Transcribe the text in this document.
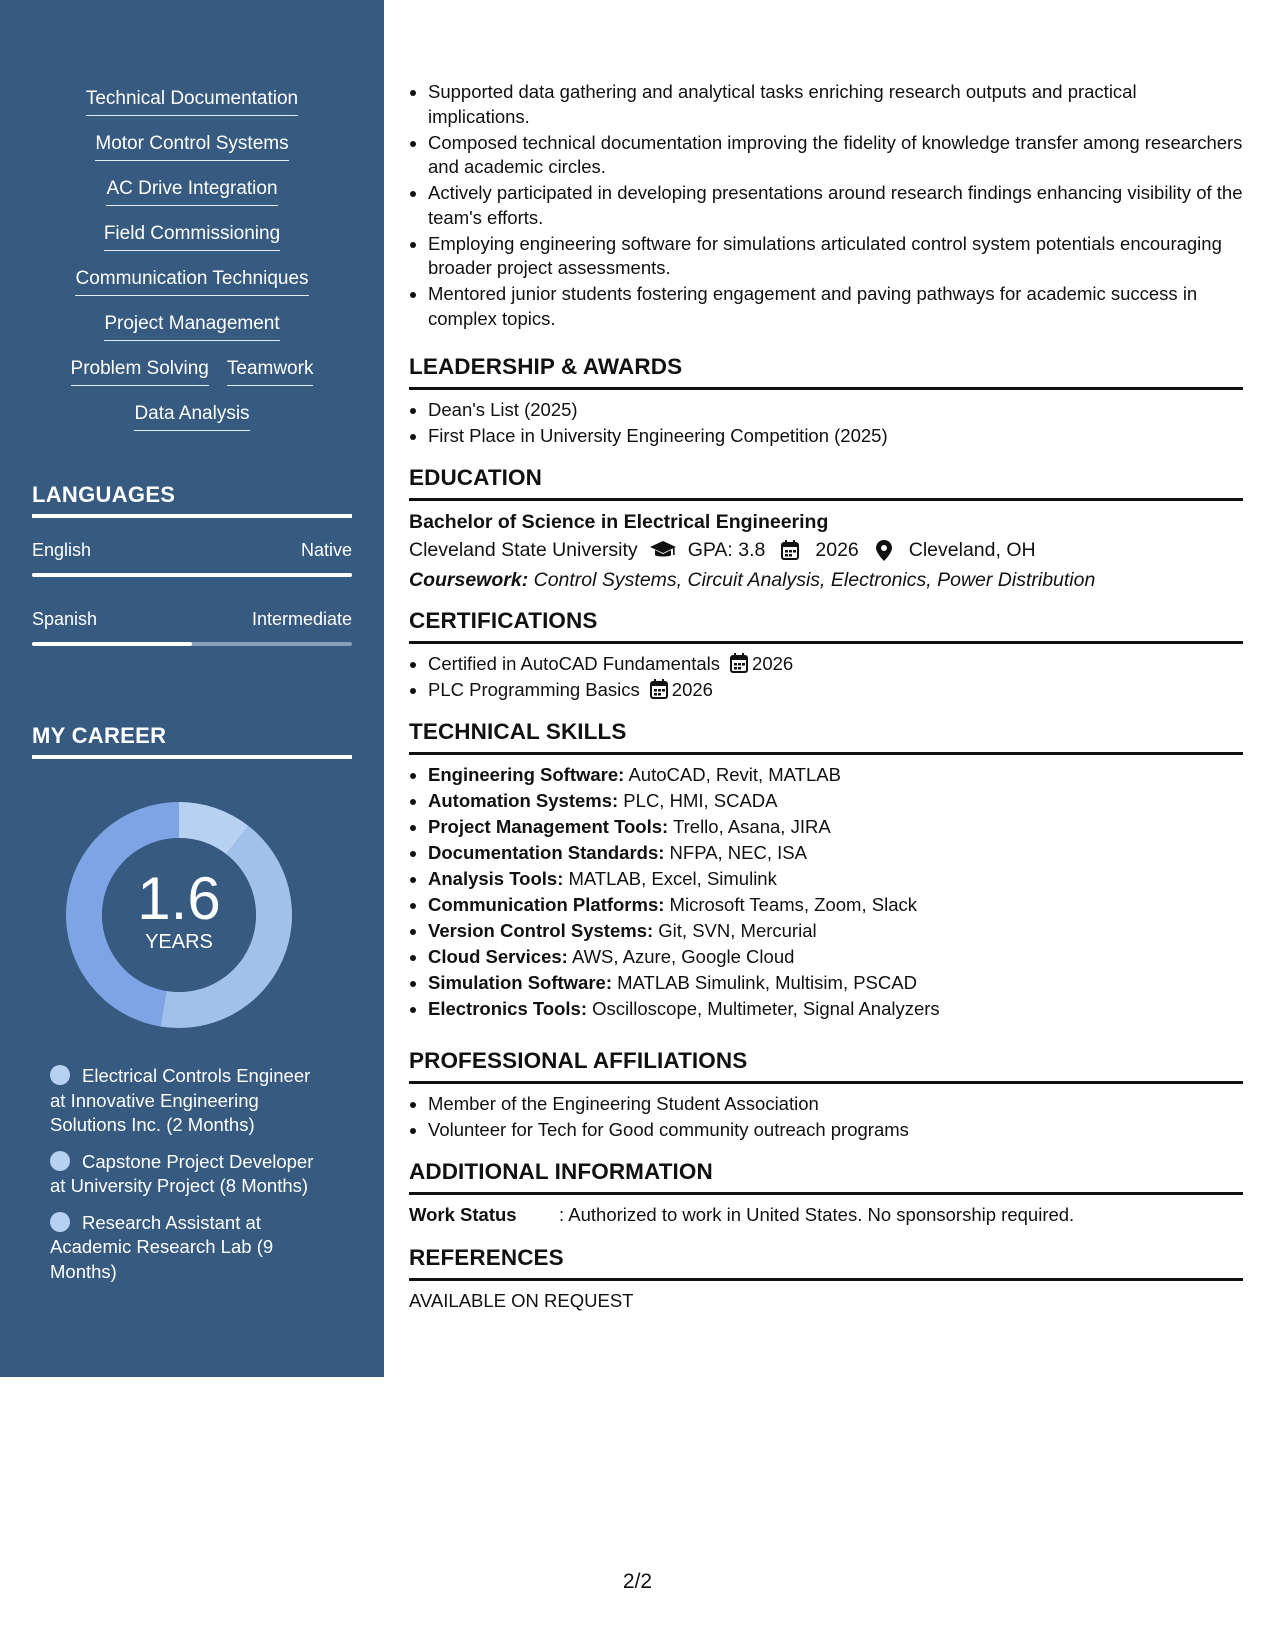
Technical Documentation
Motor Control Systems
AC Drive Integration
Field Commissioning
Communication Techniques
Project Management
Problem Solving Teamwork
Data Analysis
LANGUAGES
English	Native
Spanish	Intermediate
MY CAREER
1.6
YEARS
Electrical Controls Engineer at Innovative Engineering Solutions Inc. (2 Months)
Capstone Project Developer at University Project (8 Months)
Research Assistant at Academic Research Lab (9 Months)
• Supported data gathering and analytical tasks enriching research outputs and practical implications.
• Composed technical documentation improving the fidelity of knowledge transfer among researchers and academic circles.
• Actively participated in developing presentations around research findings enhancing visibility of the team's efforts.
• Employing engineering software for simulations articulated control system potentials encouraging broader project assessments.
• Mentored junior students fostering engagement and paving pathways for academic success in complex topics.
LEADERSHIP & AWARDS
• Dean's List (2025)
• First Place in University Engineering Competition (2025)
EDUCATION
Bachelor of Science in Electrical Engineering
Cleveland State University	GPA: 3.8	2026	Cleveland, OH
Coursework: Control Systems, Circuit Analysis, Electronics, Power Distribution
CERTIFICATIONS
• Certified in AutoCAD Fundamentals 2026
• PLC Programming Basics 2026
TECHNICAL SKILLS
• Engineering Software: AutoCAD, Revit, MATLAB
• Automation Systems: PLC, HMI, SCADA
• Project Management Tools: Trello, Asana, JIRA
• Documentation Standards: NFPA, NEC, ISA
• Analysis Tools: MATLAB, Excel, Simulink
• Communication Platforms: Microsoft Teams, Zoom, Slack
• Version Control Systems: Git, SVN, Mercurial
• Cloud Services: AWS, Azure, Google Cloud
• Simulation Software: MATLAB Simulink, Multisim, PSCAD
• Electronics Tools: Oscilloscope, Multimeter, Signal Analyzers
PROFESSIONAL AFFILIATIONS
• Member of the Engineering Student Association
• Volunteer for Tech for Good community outreach programs
ADDITIONAL INFORMATION
Work Status	: Authorized to work in United States. No sponsorship required.
REFERENCES
AVAILABLE ON REQUEST
2/2
